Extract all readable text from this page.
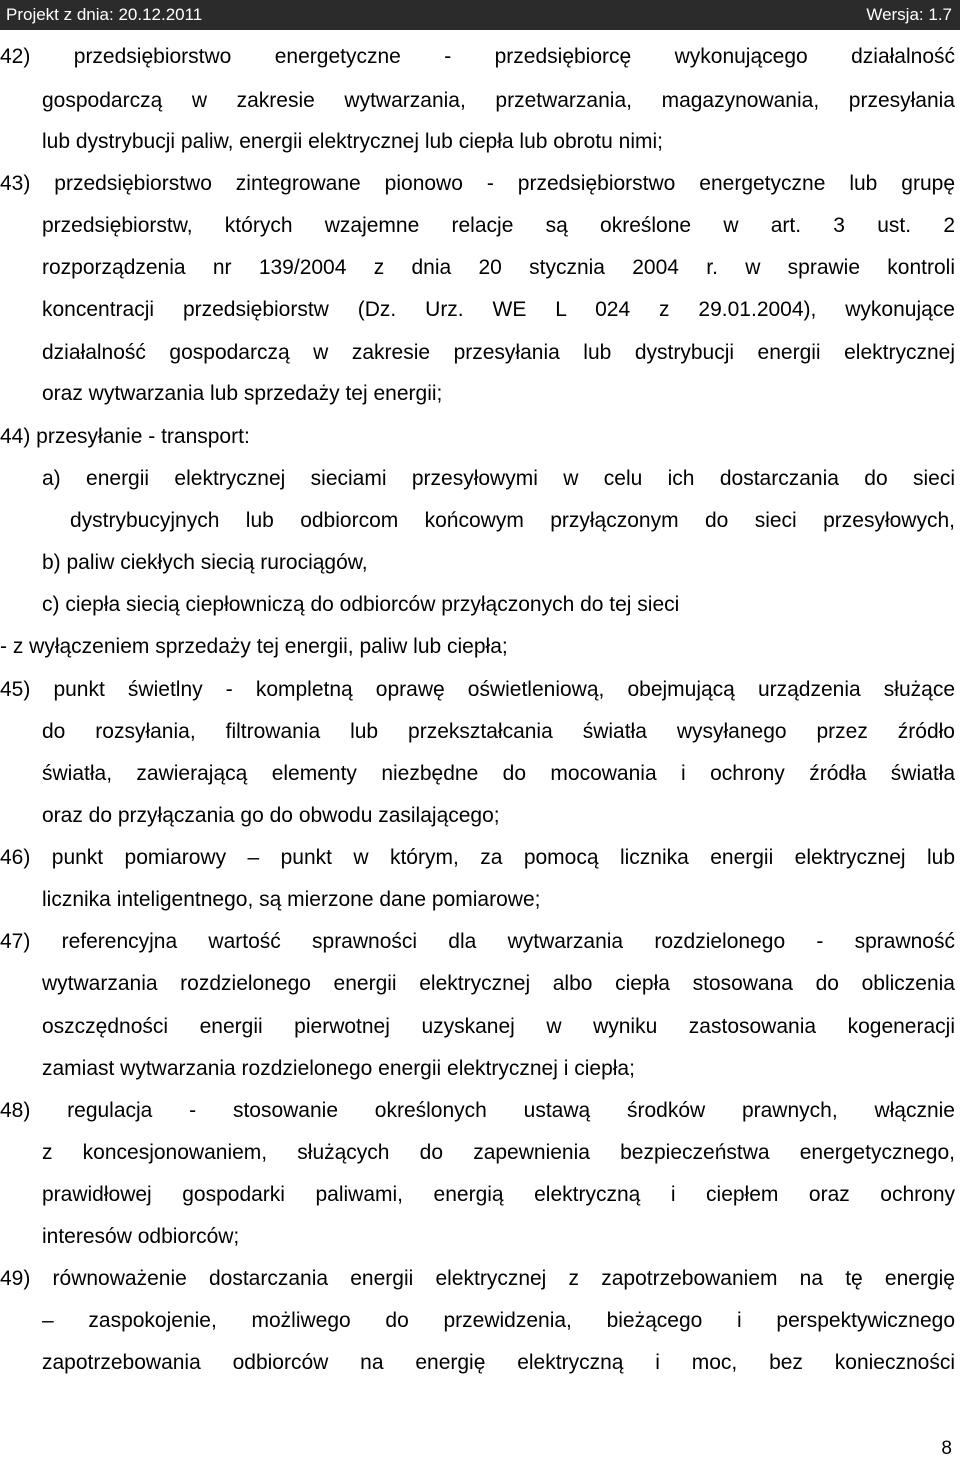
Projekt z dnia: 20.12.2011	Wersja: 1.7
42) przedsiębiorstwo energetyczne - przedsiębiorcę wykonującego działalność
gospodarczą w zakresie wytwarzania, przetwarzania, magazynowania, przesyłania
lub dystrybucji paliw, energii elektrycznej lub ciepła lub obrotu nimi;
43) przedsiębiorstwo zintegrowane pionowo - przedsiębiorstwo energetyczne lub grupę
przedsiębiorstw, których wzajemne relacje są określone w art. 3 ust. 2
rozporządzenia nr 139/2004 z dnia 20 stycznia 2004 r. w sprawie kontroli
koncentracji przedsiębiorstw (Dz. Urz. WE L 024 z 29.01.2004), wykonujące
działalność gospodarczą w zakresie przesyłania lub dystrybucji energii elektrycznej
oraz wytwarzania lub sprzedaży tej energii;
44) przesyłanie - transport:
a) energii elektrycznej sieciami przesyłowymi w celu ich dostarczania do sieci
dystrybucyjnych lub odbiorcom końcowym przyłączonym do sieci przesyłowych,
b) paliw ciekłych siecią rurociągów,
c) ciepła siecią ciepłowniczą do odbiorców przyłączonych do tej sieci
- z wyłączeniem sprzedaży tej energii, paliw lub ciepła;
45) punkt świetlny - kompletną oprawę oświetleniową, obejmującą urządzenia służące
do rozsyłania, filtrowania lub przekształcania światła wysyłanego przez źródło
światła, zawierającą elementy niezbędne do mocowania i ochrony źródła światła
oraz do przyłączania go do obwodu zasilającego;
46) punkt pomiarowy – punkt w którym, za pomocą licznika energii elektrycznej lub
licznika inteligentnego, są mierzone dane pomiarowe;
47) referencyjna wartość sprawności dla wytwarzania rozdzielonego - sprawność
wytwarzania rozdzielonego energii elektrycznej albo ciepła stosowana do obliczenia
oszczędności energii pierwotnej uzyskanej w wyniku zastosowania kogeneracji
zamiast wytwarzania rozdzielonego energii elektrycznej i ciepła;
48) regulacja - stosowanie określonych ustawą środków prawnych, włącznie
z koncesjonowaniem, służących do zapewnienia bezpieczeństwa energetycznego,
prawidłowej gospodarki paliwami, energią elektryczną i ciepłem oraz ochrony
interesów odbiorców;
49) równoważenie dostarczania energii elektrycznej z zapotrzebowaniem na tę energię
– zaspokojenie, możliwego do przewidzenia, bieżącego i perspektywicznego
zapotrzebowania odbiorców na energię elektryczną i moc, bez konieczności
8
